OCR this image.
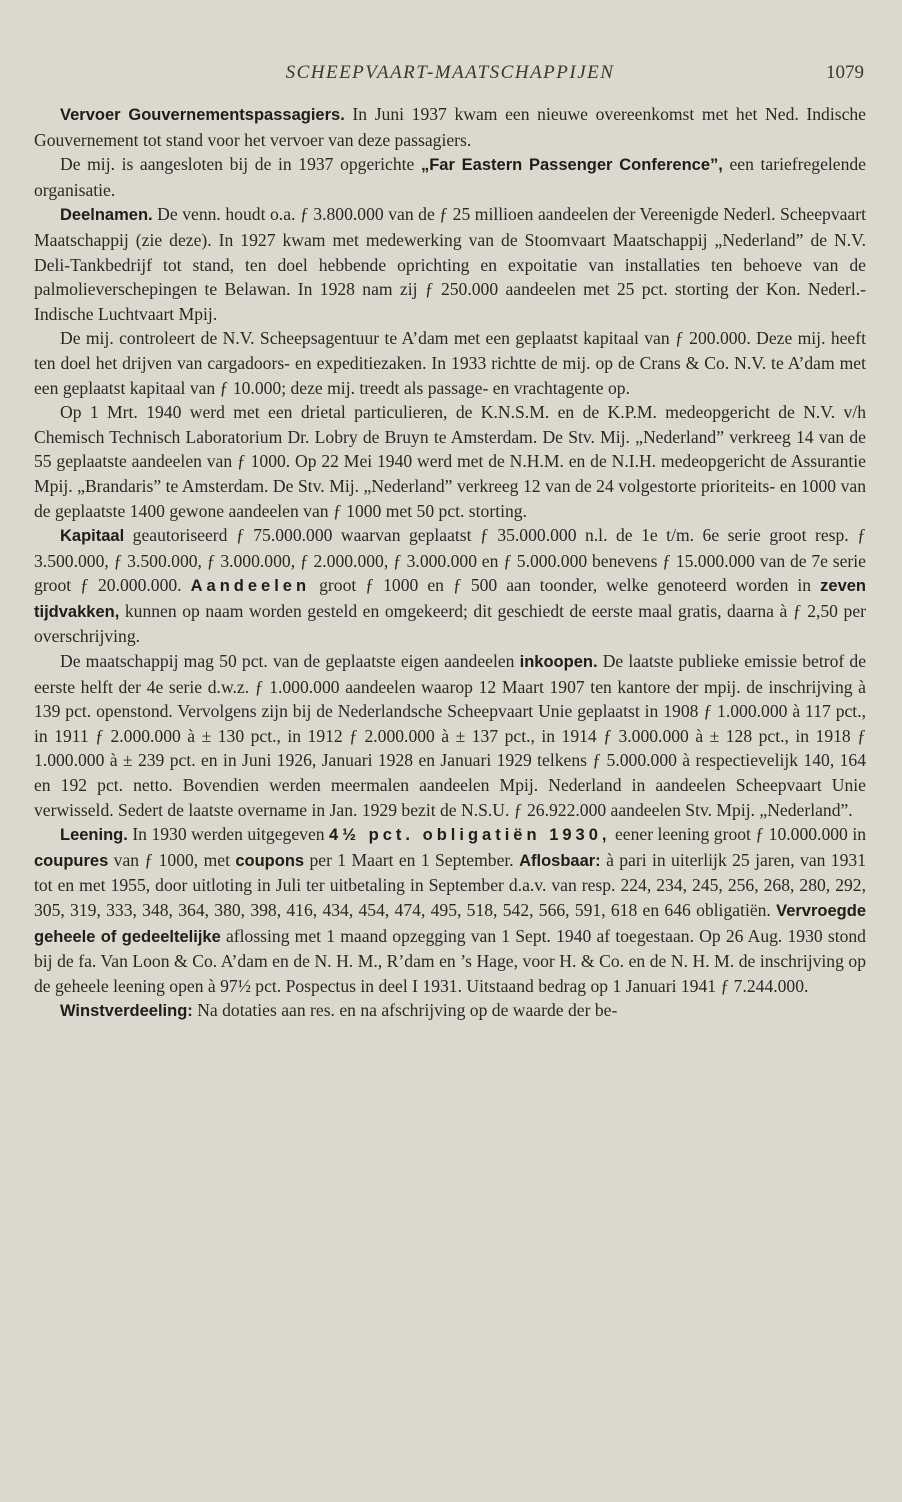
SCHEEPVAART-MAATSCHAPPIJEN	1079

Vervoer Gouvernementspassagiers. In Juni 1937 kwam een nieuwe overeenkomst met het Ned. Indische Gouvernement tot stand voor het vervoer van deze passagiers.

De mij. is aangesloten bij de in 1937 opgerichte „Far Eastern Passenger Conference”, een tariefregelende organisatie.

Deelnamen. De venn. houdt o.a. ƒ 3.800.000 van de ƒ 25 millioen aandeelen der Vereenigde Nederl. Scheepvaart Maatschappij (zie deze). In 1927 kwam met medewerking van de Stoomvaart Maatschappij „Nederland” de N.V. Deli-Tankbedrijf tot stand, ten doel hebbende oprichting en expoitatie van installaties ten behoeve van de palmolieverschepingen te Belawan. In 1928 nam zij ƒ 250.000 aandeelen met 25 pct. storting der Kon. Nederl.-Indische Luchtvaart Mpij.

De mij. controleert de N.V. Scheepsagentuur te A’dam met een geplaatst kapitaal van ƒ 200.000. Deze mij. heeft ten doel het drijven van cargadoors- en expeditiezaken. In 1933 richtte de mij. op de Crans & Co. N.V. te A’dam met een geplaatst kapitaal van ƒ 10.000; deze mij. treedt als passage- en vrachtagente op.

Op 1 Mrt. 1940 werd met een drietal particulieren, de K.N.S.M. en de K.P.M. medeopgericht de N.V. v/h Chemisch Technisch Laboratorium Dr. Lobry de Bruyn te Amsterdam. De Stv. Mij. „Nederland” verkreeg 14 van de 55 geplaatste aandeelen van ƒ 1000. Op 22 Mei 1940 werd met de N.H.M. en de N.I.H. medeopgericht de Assurantie Mpij. „Brandaris” te Amsterdam. De Stv. Mij. „Nederland” verkreeg 12 van de 24 volgestorte prioriteits- en 1000 van de geplaatste 1400 gewone aandeelen van ƒ 1000 met 50 pct. storting.

Kapitaal geautoriseerd ƒ 75.000.000 waarvan geplaatst ƒ 35.000.000 n.l. de 1e t/m. 6e serie groot resp. ƒ 3.500.000, ƒ 3.500.000, ƒ 3.000.000, ƒ 2.000.000, ƒ 3.000.000 en ƒ 5.000.000 benevens ƒ 15.000.000 van de 7e serie groot ƒ 20.000.000. Aandeelen groot ƒ 1000 en ƒ 500 aan toonder, welke genoteerd worden in zeven tijdvakken, kunnen op naam worden gesteld en omgekeerd; dit geschiedt de eerste maal gratis, daarna à ƒ 2,50 per overschrijving.

De maatschappij mag 50 pct. van de geplaatste eigen aandeelen inkoopen. De laatste publieke emissie betrof de eerste helft der 4e serie d.w.z. ƒ 1.000.000 aandeelen waarop 12 Maart 1907 ten kantore der mpij. de inschrijving à 139 pct. openstond. Vervolgens zijn bij de Nederlandsche Scheepvaart Unie geplaatst in 1908 ƒ 1.000.000 à 117 pct., in 1911 ƒ 2.000.000 à ± 130 pct., in 1912 ƒ 2.000.000 à ± 137 pct., in 1914 ƒ 3.000.000 à ± 128 pct., in 1918 ƒ 1.000.000 à ± 239 pct. en in Juni 1926, Januari 1928 en Januari 1929 telkens ƒ 5.000.000 à respectievelijk 140, 164 en 192 pct. netto. Bovendien werden meermalen aandeelen Mpij. Nederland in aandeelen Scheepvaart Unie verwisseld. Sedert de laatste overname in Jan. 1929 bezit de N.S.U. ƒ 26.922.000 aandeelen Stv. Mpij. „Nederland”.

Leening. In 1930 werden uitgegeven 4½ pct. obligatiën 1930, eener leening groot ƒ 10.000.000 in coupures van ƒ 1000, met coupons per 1 Maart en 1 September. Aflosbaar: à pari in uiterlijk 25 jaren, van 1931 tot en met 1955, door uitloting in Juli ter uitbetaling in September d.a.v. van resp. 224, 234, 245, 256, 268, 280, 292, 305, 319, 333, 348, 364, 380, 398, 416, 434, 454, 474, 495, 518, 542, 566, 591, 618 en 646 obligatiën. Vervroegde geheele of gedeeltelijke aflossing met 1 maand opzegging van 1 Sept. 1940 af toegestaan. Op 26 Aug. 1930 stond bij de fa. Van Loon & Co. A’dam en de N. H. M., R’dam en ’s Hage, voor H. & Co. en de N. H. M. de inschrijving op de geheele leening open à 97½ pct. Pospectus in deel I 1931. Uitstaand bedrag op 1 Januari 1941 ƒ 7.244.000.

Winstverdeeling: Na dotaties aan res. en na afschrijving op de waarde der be-
